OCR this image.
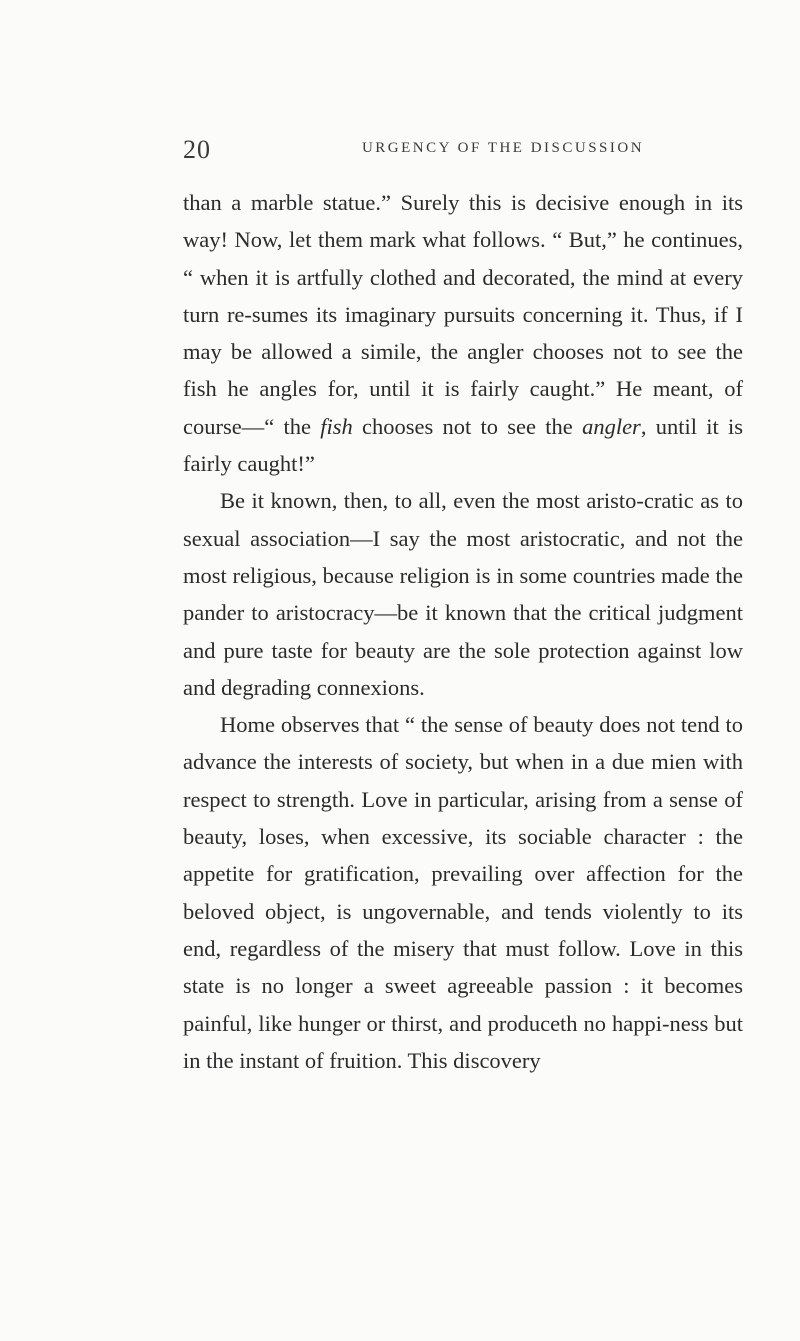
20	URGENCY OF THE DISCUSSION

than a marble statue.” Surely this is decisive enough in its way! Now, let them mark what follows. “ But,” he continues, “ when it is artfully clothed and decorated, the mind at every turn re-sumes its imaginary pursuits concerning it. Thus, if I may be allowed a simile, the angler chooses not to see the fish he angles for, until it is fairly caught.” He meant, of course—“ the fish chooses not to see the angler, until it is fairly caught!”

Be it known, then, to all, even the most aristo-cratic as to sexual association—I say the most aristocratic, and not the most religious, because religion is in some countries made the pander to aristocracy—be it known that the critical judgment and pure taste for beauty are the sole protection against low and degrading connexions.

Home observes that “ the sense of beauty does not tend to advance the interests of society, but when in a due mien with respect to strength. Love in particular, arising from a sense of beauty, loses, when excessive, its sociable character : the appetite for gratification, prevailing over affection for the beloved object, is ungovernable, and tends violently to its end, regardless of the misery that must follow. Love in this state is no longer a sweet agreeable passion : it becomes painful, like hunger or thirst, and produceth no happi-ness but in the instant of fruition. This discovery
